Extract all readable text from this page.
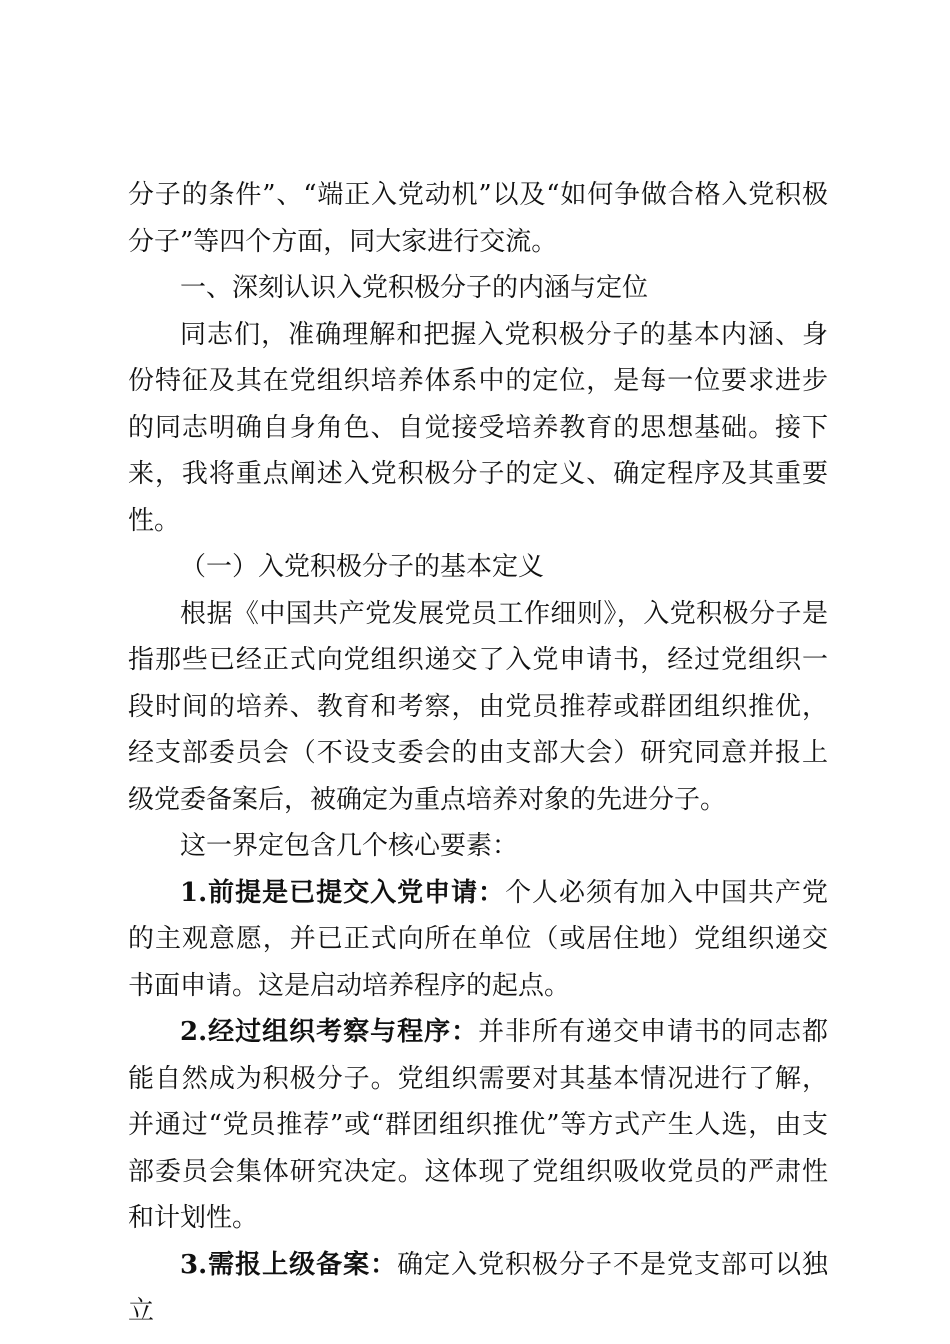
分子的条件”、“端正入党动机”以及“如何争做合格入党积极分子”等四个方面，同大家进行交流。

一、深刻认识入党积极分子的内涵与定位

同志们，准确理解和把握入党积极分子的基本内涵、身份特征及其在党组织培养体系中的定位，是每一位要求进步的同志明确自身角色、自觉接受培养教育的思想基础。接下来，我将重点阐述入党积极分子的定义、确定程序及其重要性。

（一）入党积极分子的基本定义

根据《中国共产党发展党员工作细则》，入党积极分子是指那些已经正式向党组织递交了入党申请书，经过党组织一段时间的培养、教育和考察，由党员推荐或群团组织推优，经支部委员会（不设支委会的由支部大会）研究同意并报上级党委备案后，被确定为重点培养对象的先进分子。

这一界定包含几个核心要素：

1.前提是已提交入党申请：个人必须有加入中国共产党的主观意愿，并已正式向所在单位（或居住地）党组织递交书面申请。这是启动培养程序的起点。

2.经过组织考察与程序：并非所有递交申请书的同志都能自然成为积极分子。党组织需要对其基本情况进行了解，并通过“党员推荐”或“群团组织推优”等方式产生人选，由支部委员会集体研究决定。这体现了党组织吸收党员的严肃性和计划性。

3.需报上级备案：确定入党积极分子不是党支部可以独立
